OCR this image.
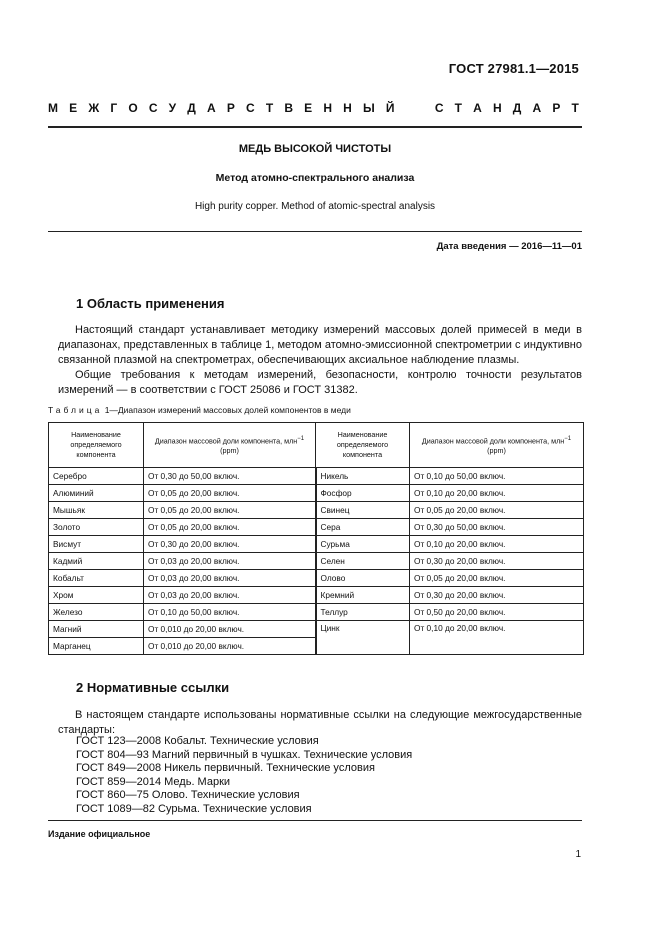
ГОСТ 27981.1—2015
М Е Ж Г О С У Д А Р С Т В Е Н Н Ы Й	С Т А Н Д А Р Т
МЕДЬ ВЫСОКОЙ ЧИСТОТЫ
Метод атомно-спектрального анализа
High purity copper. Method of atomic-spectral analysis
Дата введения — 2016—11—01
1 Область применения

Настоящий стандарт устанавливает методику измерений массовых долей примесей в меди в диапазонах, представленных в таблице 1, методом атомно-эмиссионной спектрометрии с индуктивно связанной плазмой на спектрометрах, обеспечивающих аксиальное наблюдение плазмы.

Общие требования к методам измерений, безопасности, контролю точности результатов измерений — в соответствии с ГОСТ 25086 и ГОСТ 31382.

Таблица 1—Диапазон измерений массовых долей компонентов в меди
Наименование определяемого компонента	Диапазон массовой доли компонента, млн$^{-1}$ (ppm)	Наименование определяемого компонента	Диапазон массовой доли компонента, млн$^{-1}$ (ppm)
Серебро	От 0,30 до 50,00 включ.	Никель	От 0,10 до 50,00 включ.
Алюминий	От 0,05 до 20,00 включ.	Фосфор	От 0,10 до 20,00 включ.
Мышьяк	От 0,05 до 20,00 включ.	Свинец	От 0,05 до 20,00 включ.
Золото	От 0,05 до 20,00 включ.	Сера	От 0,30 до 50,00 включ.
Висмут	От 0,30 до 20,00 включ.	Сурьма	От 0,10 до 20,00 включ.
Кадмий	От 0,03 до 20,00 включ.	Селен	От 0,30 до 20,00 включ.
Кобальт	От 0,03 до 20,00 включ.	Олово	От 0,05 до 20,00 включ.
Хром	От 0,03 до 20,00 включ.	Кремний	От 0,30 до 20,00 включ.
Железо	От 0,10 до 50,00 включ.	Теллур	От 0,50 до 20,00 включ.
Магний	От 0,010 до 20,00 включ.	Цинк	От 0,10 до 20,00 включ.
Марганец	От 0,010 до 20,00 включ.		
2 Нормативные ссылки

В настоящем стандарте использованы нормативные ссылки на следующие межгосударственные стандарты:

ГОСТ 123—2008 Кобальт. Технические условия
ГОСТ 804—93 Магний первичный в чушках. Технические условия
ГОСТ 849—2008 Никель первичный. Технические условия
ГОСТ 859—2014 Медь. Марки
ГОСТ 860—75 Олово. Технические условия
ГОСТ 1089—82 Сурьма. Технические условия
Издание официальное
1
